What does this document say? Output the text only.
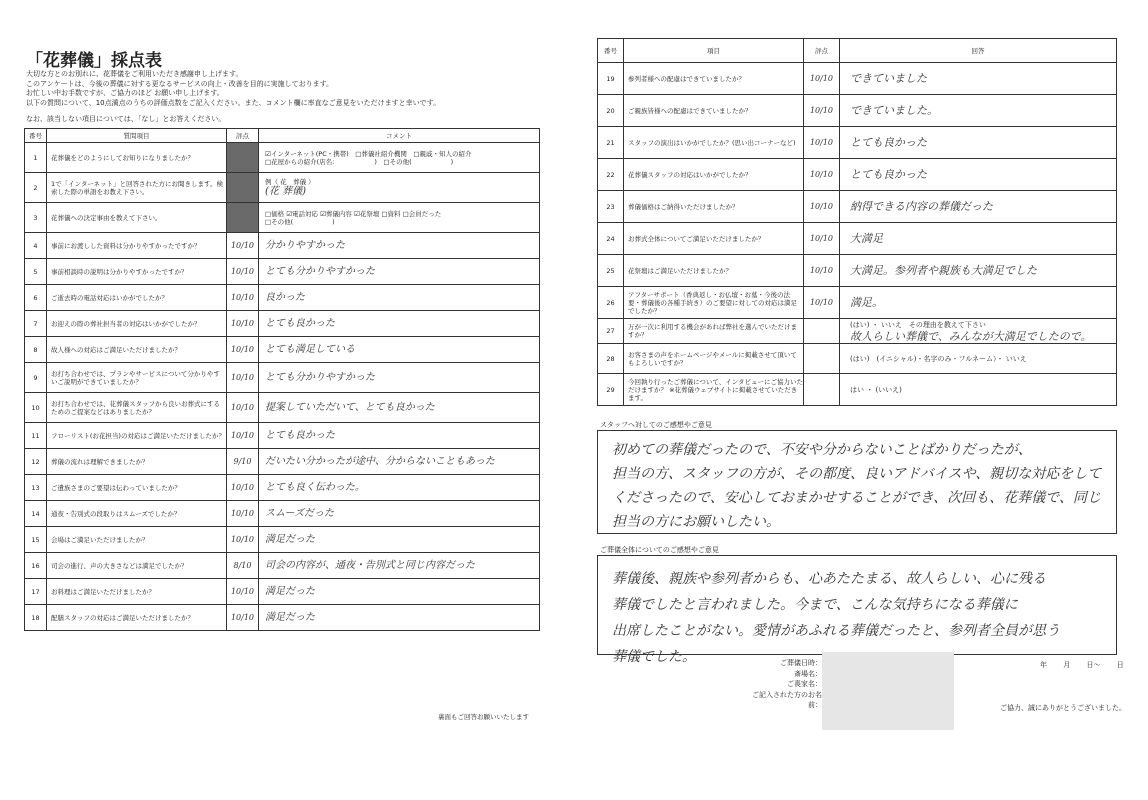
「花葬儀」採点表
大切な方とのお別れに、花葬儀をご利用いただき感謝申し上げます。
このアンケートは、今後の葬儀に対する更なるサービスの向上・改善を目的に実施しております。
お忙しい中お手数ですが、ご協力のほど お願い申し上げます。
以下の質問について、10点満点のうちの評価点数をご記入ください。また、コメント欄に率直なご意見をいただけますと幸いです。
なお、該当しない項目については、「なし」とお答えください。
番号	質問項目	評点	コメント
1	花葬儀をどのようにしてお知りになりましたか？		☑インターネット(PC・携帯)　□葬儀社紹介機関　□親戚・知人の紹介
□花屋からの紹介(店名：　　　　　　)　□その他(　　　　　　)

2	1で「インターネット」と回答された方にお聞きします。検索した際の単語をお教え下さい。		例（ 花　葬儀 ）
(花 葬儀)

3	花葬儀への決定事由を教えて下さい。		□価格 ☑電話対応 ☑葬儀内容 ☑花祭壇 □資料 □会員だった
□その他(　　　　　　)

4	事前にお渡しした資料は分かりやすかったですか？	10/10	分かりやすかった

5	事前相談時の説明は分かりやすかったですか？	10/10	とても分かりやすかった

6	ご逝去時の電話対応はいかがでしたか？	10/10	良かった

7	お迎えの際の葬社担当者の対応はいかがでしたか？	10/10	とても良かった

8	故人様への対応はご満足いただけましたか？	10/10	とても満足している

9	お打ち合わせでは、プランやサービスについて分かりやすいご説明ができていましたか？	10/10	とても分かりやすかった

10	お打ち合わせでは、花葬儀スタッフから良いお葬式にするためのご提案などはありましたか？	10/10	提案していただいて、とても良かった

11	フローリスト(お花担当)の対応はご満足いただけましたか？	10/10	とても良かった

12	葬儀の流れは理解できましたか？	9/10	だいたい分かったが途中、分からないこともあった

13	ご遺族さまのご要望は伝わっていましたか？	10/10	とても良く伝わった。

14	通夜・告別式の段取りはスムーズでしたか？	10/10	スムーズだった

15	会場はご満足いただけましたか？	10/10	満足だった

16	司会の進行、声の大きさなどは満足でしたか？	8/10	司会の内容が、通夜・告別式と同じ内容だった

17	お料理はご満足いただけましたか？	10/10	満足だった

18	配膳スタッフの対応はご満足いただけましたか？	10/10	満足だった
裏面もご回答お願いいたします
番号	項目	評点	回答
19	参列者様への配慮はできていましたか？	10/10	できていました

20	ご親族皆様への配慮はできていましたか？	10/10	できていました。

21	スタッフの演出はいかがでしたか？(思い出コーナーなど)	10/10	とても良かった

22	花葬儀スタッフの対応はいかがでしたか？	10/10	とても良かった

23	葬儀価格はご納得いただけましたか？	10/10	納得できる内容の葬儀だった

24	お葬式全体についてご満足いただけましたか？	10/10	大満足

25	花祭壇はご満足いただけましたか？	10/10	大満足。参列者や親族も大満足でした

26	アフターサポート（香典返し・お仏壇・お墓・今後の法要・葬儀後の各種手続き）のご要望に対しての対応は満足でしたか？	10/10	満足。

27	万が一次に利用する機会があれば弊社を選んでいただけますか？		(はい) ・ いいえ　その理由を教えて下さい
故人らしい葬儀で、みんなが大満足でしたので。

28	お客さまの声をホームページやメールに掲載させて頂いてもよろしいですか？		(はい)　(イニシャル)・名字のみ・フルネーム）・ いいえ

29	今回執り行ったご葬儀について、インタビューにご協力いただけますか？ ※花葬儀ウェブサイトに掲載させていただきます。		はい ・ (いいえ)
スタッフへ対してのご感想やご意見
初めての葬儀だったので、不安や分からないことばかりだったが、
担当の方、スタッフの方が、その都度、良いアドバイスや、親切な対応をして
くださったので、安心しておまかせすることができ、次回も、花葬儀で、同じ
担当の方にお願いしたい。
ご葬儀全体についてのご感想やご意見
葬儀後、親族や参列者からも、心あたたまる、故人らしい、心に残る
葬儀でしたと言われました。今まで、こんな気持ちになる葬儀に
出席したことがない。愛情があふれる葬儀だったと、参列者全員が思う
葬儀でした。	ご葬儀日時：
斎場名：
ご喪家名：
ご記入された方のお名前：
年 月 日〜 日
ご協力、誠にありがとうございました。
